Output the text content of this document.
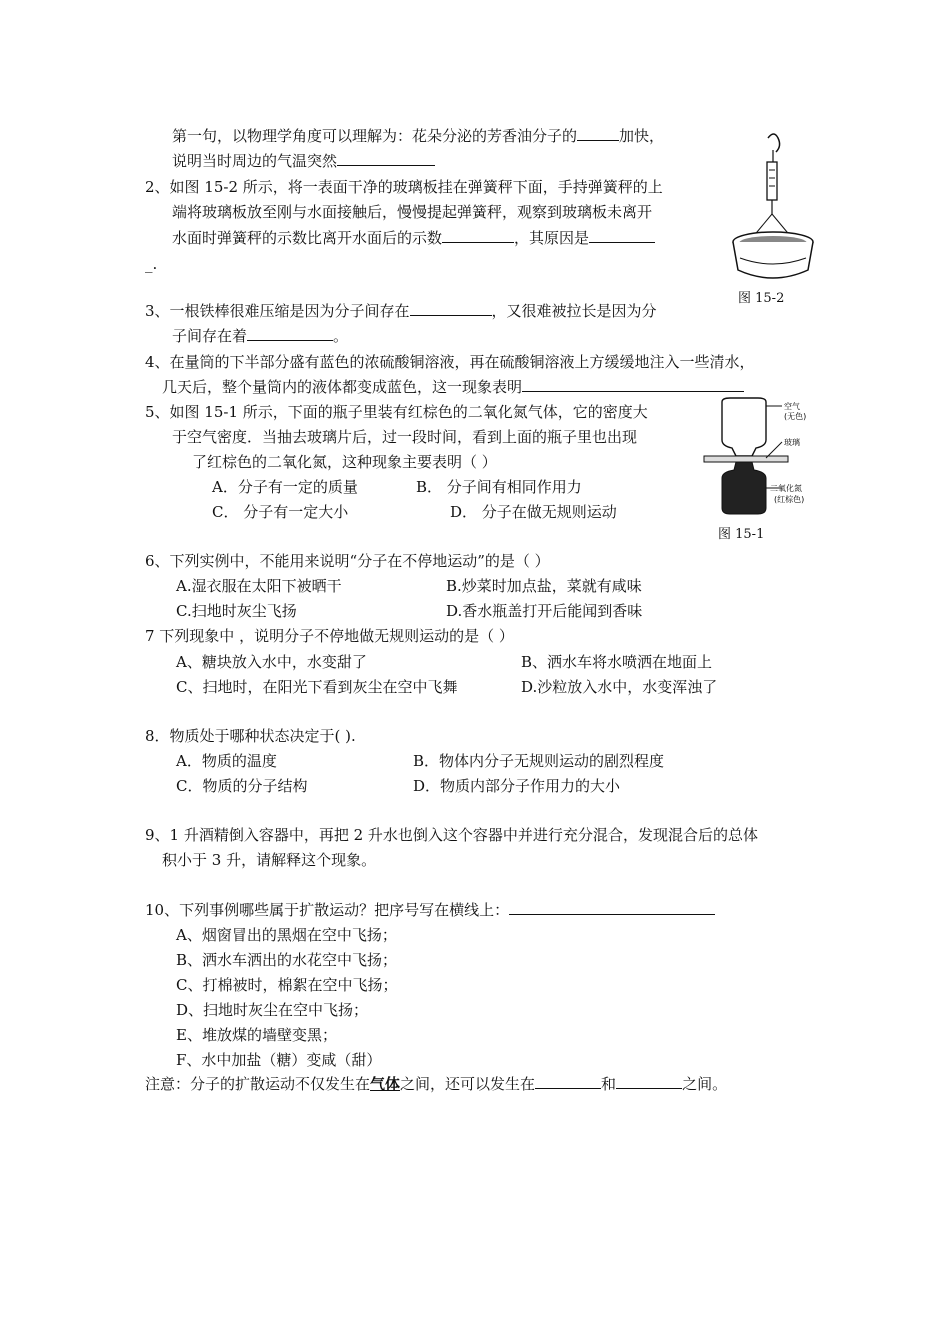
第一句，以物理学角度可以理解为：花朵分泌的芳香油分子的	加快，
说明当时周边的气温突然
2、如图 15-2 所示，将一表面干净的玻璃板挂在弹簧秤下面，手持弹簧秤的上
端将玻璃板放至刚与水面接触后，慢慢提起弹簧秤，观察到玻璃板未离开
水面时弹簧秤的示数比离开水面后的示数	，其原因是
_.
图 15-2
3、一根铁棒很难压缩是因为分子间存在	，又很难被拉长是因为分
子间存在着	。
4、在量筒的下半部分盛有蓝色的浓硫酸铜溶液，再在硫酸铜溶液上方缓缓地注入一些清水，
几天后，整个量筒内的液体都变成蓝色，这一现象表明
5、如图 15-1 所示，下面的瓶子里装有红棕色的二氧化氮气体，它的密度大
于空气密度．当抽去玻璃片后，过一段时间，看到上面的瓶子里也出现
了红棕色的二氧化氮，这种现象主要表明（ ）
A．分子有一定的质量	B． 分子间有相同作用力
C． 分子有一定大小	D． 分子在做无规则运动
空气
(无色)
玻璃
二氧化氮
(红棕色)
图 15-1
6、下列实例中，不能用来说明“分子在不停地运动”的是（ ）
A.湿衣服在太阳下被晒干	B.炒菜时加点盐，菜就有咸味
C.扫地时灰尘飞扬	D.香水瓶盖打开后能闻到香味
7 下列现象中 ，说明分子不停地做无规则运动的是（ ）
A、糖块放入水中，水变甜了	B、洒水车将水喷洒在地面上
C、扫地时，在阳光下看到灰尘在空中飞舞	D.沙粒放入水中，水变浑浊了
8．物质处于哪种状态决定于( ).
A．物质的温度	B．物体内分子无规则运动的剧烈程度
C．物质的分子结构	D．物质内部分子作用力的大小
9、1 升酒精倒入容器中，再把 2 升水也倒入这个容器中并进行充分混合，发现混合后的总体
积小于 3 升，请解释这个现象。
10、下列事例哪些属于扩散运动？把序号写在横线上：
A、烟窗冒出的黑烟在空中飞扬；
B、洒水车洒出的水花空中飞扬；
C、打棉被时，棉絮在空中飞扬；
D、扫地时灰尘在空中飞扬；
E、堆放煤的墙壁变黑；
F、水中加盐（糖）变咸（甜）
注意：分子的扩散运动不仅发生在气体之间，还可以发生在	和	之间。
